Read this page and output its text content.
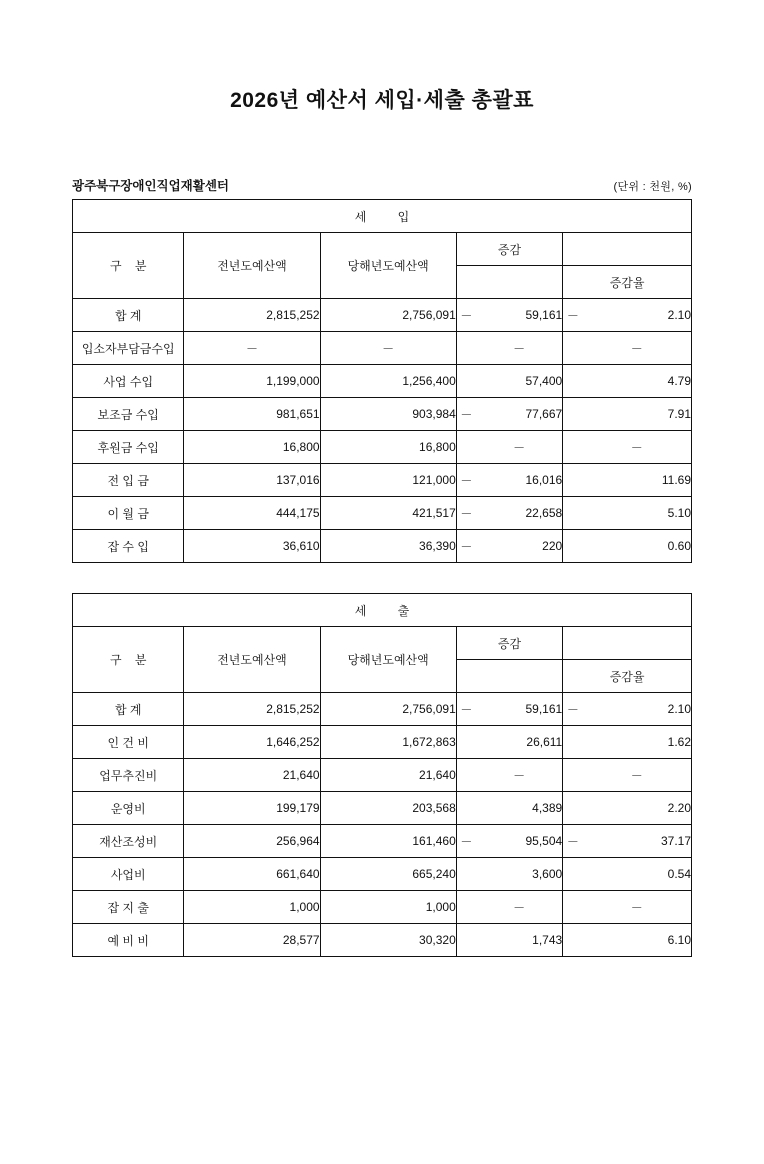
2026년 예산서 세입·세출 총괄표
광주북구장애인직업재활센터	(단위 : 천원, %)
세 입						
구 분	전년도예산액	당해년도예산액	증감			
					증감율	
합 계	2,815,252	2,756,091	－	59,161	－	2.10
입소자부담금수입	－	－		－		－
사업 수입	1,199,000	1,256,400		57,400		4.79
보조금 수입	981,651	903,984	－	77,667		7.91
후원금 수입	16,800	16,800		－		－
전 입 금	137,016	121,000	－	16,016		11.69
이 월 금	444,175	421,517	－	22,658		5.10
잡 수 입	36,610	36,390	－	220		0.60
세 출						
구 분	전년도예산액	당해년도예산액	증감			
					증감율	
합 계	2,815,252	2,756,091	－	59,161	－	2.10
인 건 비	1,646,252	1,672,863		26,611		1.62
업무추진비	21,640	21,640		－		－
운영비	199,179	203,568		4,389		2.20
재산조성비	256,964	161,460	－	95,504	－	37.17
사업비	661,640	665,240		3,600		0.54
잡 지 출	1,000	1,000		－		－
예 비 비	28,577	30,320		1,743		6.10
